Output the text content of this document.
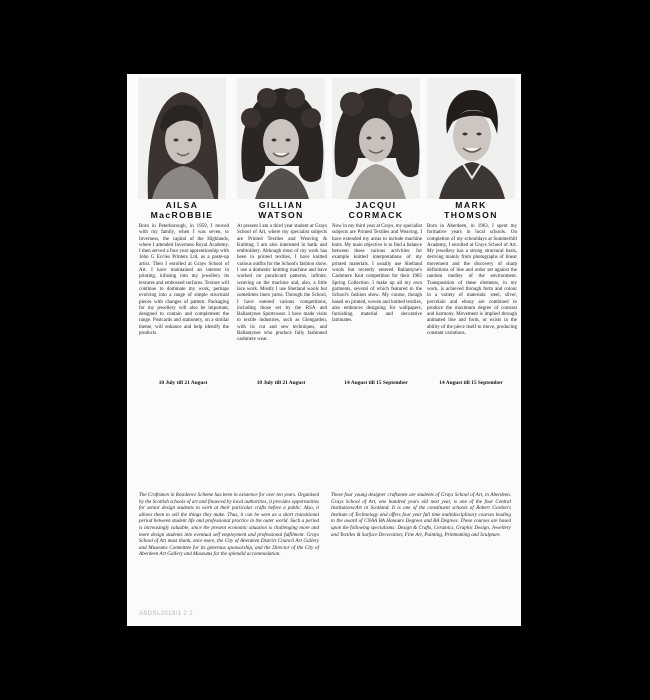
AILSA
MacROBBIE
GILLIAN
WATSON
JACQUI
CORMACK
MARK
THOMSON

Born in Peterborough, in 1959, I moved with my family, when I was seven, to Inverness, the capital of the Highlands, where I attended Inverness Royal Academy. I then served a four year apprenticeship with John G Eccles Printers Ltd, as a paste-up artist. Then I enrolled at Grays School of Art. I have maintained an interest in printing, infusing into my jewellery its textures and embossed surfaces. Texture will continue to dominate my work, perhaps evolving into a range of simple structural pieces with changes of pattern. Packaging for my jewellery will also be important, designed to contain and complement the range. Postcards and stationery, on a similar theme, will enhance and help identify the products.

At present I am a third year student at Grays School of Art, where my specialist subjects are Printed Textiles and Weaving & Knitting. I am also interested in batik and embroidery. Although most of my work has been in printed textiles, I have knitted various outfits for the School's fashion show. I use a domestic knitting machine and have worked on punchcard patterns, infinite, weaving on the machine and, also, a little lace work. Mostly I use Shetland wools but sometimes linen yarns. Through the School, I have entered various competitions, including those set by the RSA and Ballantynes Sportswear. I have made visits to textile industries, such as Glengarden, with its cut and sew techniques, and Ballantynes who produce fully fashioned cashmere wear.

Now in my third year at Grays, my specialist subjects are Printed Textiles and Weaving. I have extended my areas to include machine knits. My main objective is to find a balance between these various activities: for example knitted interpretations of my printed materials. I usually use Shetland wools but recently entered Ballantyne's Cashmere Knit competition for their 1985 Spring Collection. I make up all my own garments, several of which featured in the School's fashion show. My course, though based on printed, woven and knitted textiles, also embraces designing for wallpapers, furnishing material and decorative laminates.

Born in Aberdeen, in 1963, I spent my formative years in local schools. On completion of my schooldays at Summerhill Academy, I enrolled at Grays School of Art. My jewellery has a strong structural basis, deriving mainly from photographs of linear movement and the discovery of sharp definitions of line and order set against the random medley of the environment. Transposition of these elements, in my work, is achieved through form and colour in a variety of materials: steel, silver, porcelain and ebony are combined to produce the maximum degree of contrast and harmony. Movement is implied through animated line and form, or exists in the ability of the piece itself to move, producing constant variations.

10 July till 21 August	10 July till 21 August	14 August till 15 September	14 August till 15 September

The Craftsmen in Residence Scheme has been in existence for over ten years. Organised by the Scottish schools of art and financed by local authorities, it provides opportunities for senior design students to work at their particular crafts before a public. Also, it allows them to sell the things they make. Thus, it can be seen as a short transitional period between student life and professional practice in the outer world. Such a period is increasingly valuable, since the present economic situation is challenging more and more design students into eventual self employment and professional fulfilment. Grays School of Art must thank, once more, the City of Aberdeen District Council Art Gallery and Museums Committee for its generous sponsorship, and the Director of the City of Aberdeen Art Gallery and Museums for the splendid accommodation.

These four young designer craftsmen are students of Grays School of Art, in Aberdeen. Grays School of Art, one hundred years old next year, is one of the four Central Institutions/Art in Scotland. It is one of the constituent schools of Robert Gordon's Institute of Technology and offers four year full time multidisciplinary courses leading to the award of CNAA BA Honours Degrees and BA Degrees. These courses are based upon the following specialisms: Design & Crafts, Ceramics, Graphic Design, Jewellery and Textiles & Surface Decoration; Fine Art, Painting, Printmaking and Sculpture.

ABDSL2019/1 2 2
